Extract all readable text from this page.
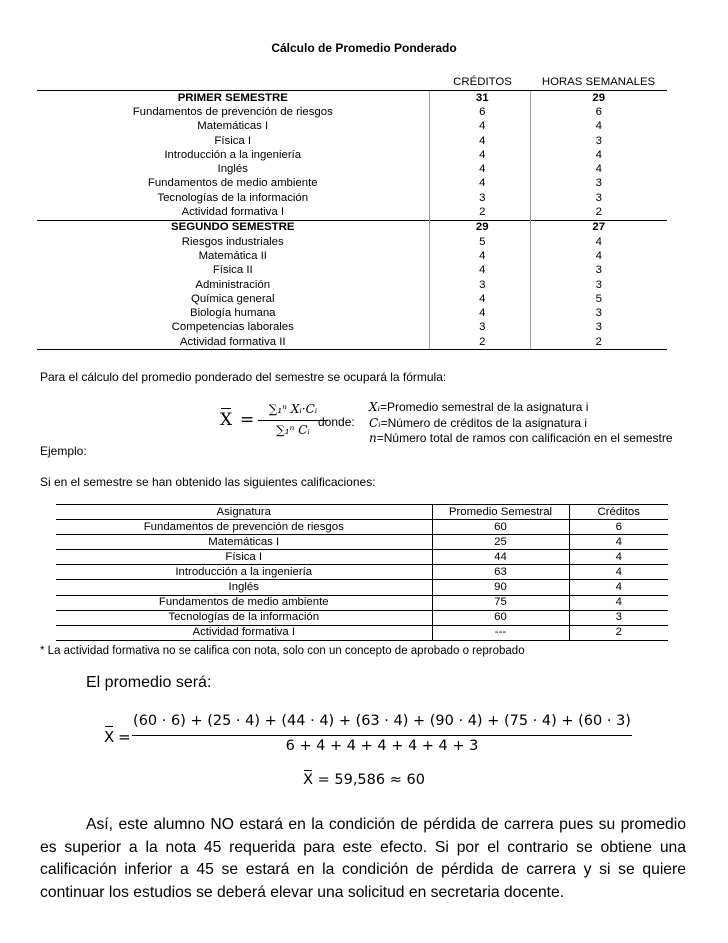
Cálculo de Promedio Ponderado
		CRÉDITOS	HORAS SEMANALES
PRIMER SEMESTRE		31	29
Fundamentos de prevención de riesgos		6	6
Matemáticas I		4	4
Física I		4	3
Introducción a la ingeniería		4	4
Inglés		4	4
Fundamentos de medio ambiente		4	3
Tecnologías de la información		3	3
Actividad formativa I		2	2
SEGUNDO SEMESTRE		29	27
Riesgos industriales		5	4
Matemática II		4	4
Física II		4	3
Administración		3	3
Química general		4	5
Biología humana		4	3
Competencias laborales		3	3
Actividad formativa II		2	2
Para el cálculo del promedio ponderado del semestre se ocupará la fórmula:
X =
∑₁ⁿ 𝑋ᵢ·𝐶ᵢ
∑₁ⁿ 𝐶ᵢ
donde:
𝑋ᵢ=Promedio semestral de la asignatura i
𝐶ᵢ=Número de créditos de la asignatura i
𝑛=Número total de ramos con calificación en el semestre
Ejemplo:
Si en el semestre se han obtenido las siguientes calificaciones:
Asignatura	Promedio Semestral	Créditos
Fundamentos de prevención de riesgos	60	6
Matemáticas I	25	4
Física I	44	4
Introducción a la ingeniería	63	4
Inglés	90	4
Fundamentos de medio ambiente	75	4
Tecnologías de la información	60	3
Actividad formativa I	---	2
* La actividad formativa no se califica con nota, solo con un concepto de aprobado o reprobado
El promedio será:
X =
(60 · 6) + (25 · 4) + (44 · 4) + (63 · 4) + (90 · 4) + (75 · 4) + (60 · 3)
6 + 4 + 4 + 4 + 4 + 4 + 3
X = 59,586 ≈ 60
Así, este alumno NO estará en la condición de pérdida de carrera pues su promedio es superior a la nota 45 requerida para este efecto. Si por el contrario se obtiene una calificación inferior a 45 se estará en la condición de pérdida de carrera y si se quiere continuar los estudios se deberá elevar una solicitud en secretaria docente.
